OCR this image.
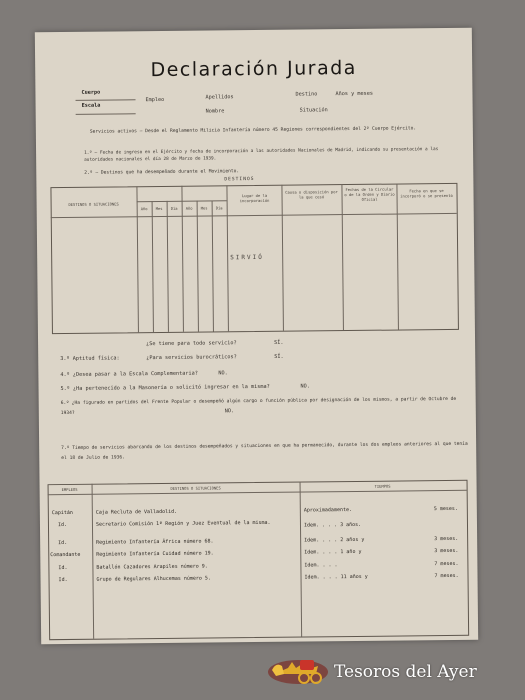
Declaración Jurada
Cuerpo
Escala
Empleo	Apellidos
Nombre	Situación
Destino	Años y meses
Servicios activos — Desde el Reglamento Milicia Infantería número 45 Regiones correspondientes del 2º Cuerpo Ejército.
1.º — Fecha de ingreso en el Ejército y fecha de incorporación a las autoridades Nacionales de Madrid, indicando su presentación a las autoridades nacionales el día 28 de Marzo de 1939.
2.º — Destinos que ha desempeñado durante el Movimiento.
DESTINOS
DESTINOS O SITUACIONES
Año	Mes	Día	Año	Mes	Día
Lugar de la incorporación
Causa o disposición por la que cesó
Fechas de la Circular o de la Orden y Diario Oficial
Fecha en que se incorporó o se presentó
SIRVIÓ
3.º Aptitud física:
¿Se tiene para todo servicio?	SÍ.
¿Para servicios burocráticos?	SÍ.
4.º ¿Desea pasar a la Escala Complementaria?	NO.
5.º ¿Ha pertenecido a la Masonería o solicitó ingresar en la misma?	NO.
6.º ¿Ha figurado en partidos del Frente Popular o desempeñó algún cargo o función pública por designación de los mismos, a partir de Octubre de 1934?	NO.
7.º Tiempo de servicios abarcando de los destinos desempeñados y situaciones en que ha permanecido, durante los dos empleos anteriores al que tenía el 18 de Julio de 1936.
EMPLEOS	DESTINOS O SITUACIONES	TIEMPOS
Capitán	Caja Recluta de Valladolid.	Aproximadamente.	5 meses.
Id.	Secretario Comisión 1ª Región y Juez Eventual de la misma.	Idem. . . . 3 años.
Id.	Regimiento Infantería África número 68.	Idem. . . . 2 años y	3 meses.
Comandante	Regimiento Infantería Cuidad número 19.	Idem. . . . 1 año y	3 meses.
Id.	Batallón Cazadores Arapiles número 9.	Idem. . . .	7 meses.
Id.	Grupo de Regulares Alhucemas número 5.	Idem. . . . 11 años y	7 meses.
Tesoros del Ayer
